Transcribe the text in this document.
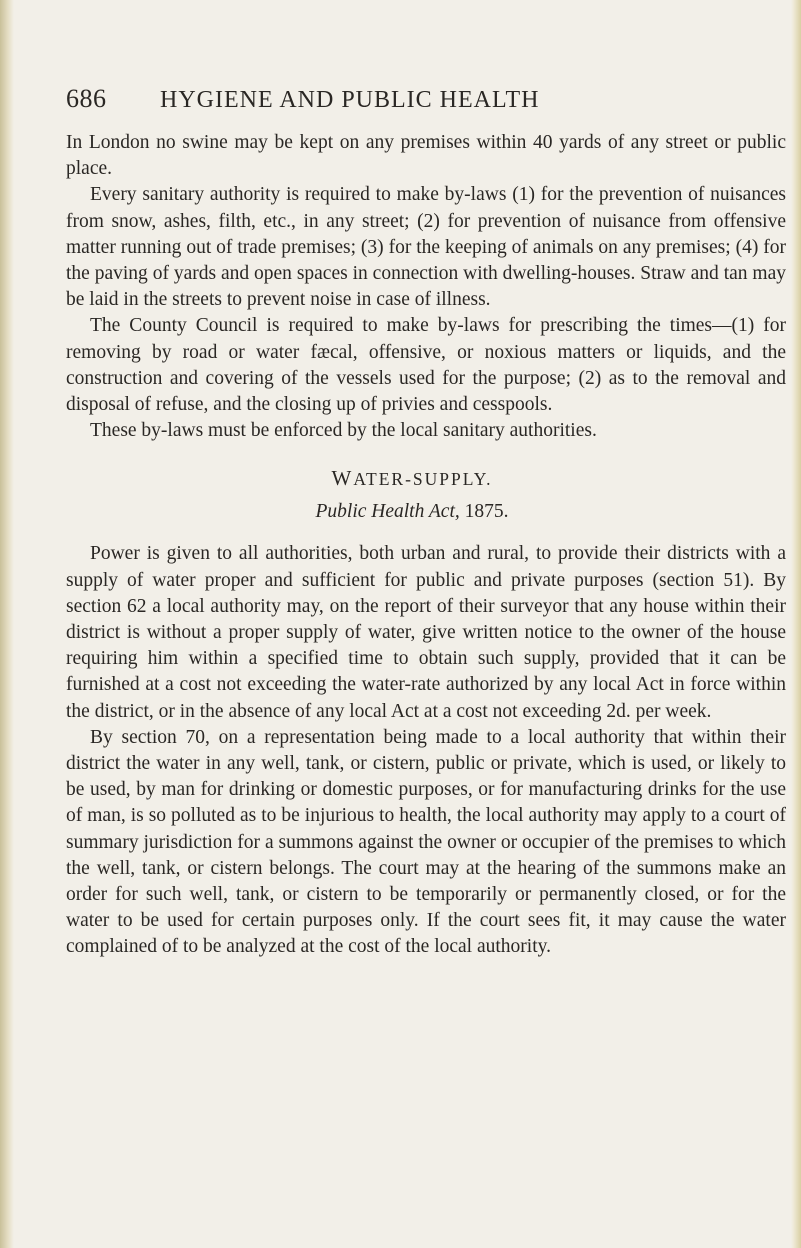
686	HYGIENE AND PUBLIC HEALTH

In London no swine may be kept on any premises within 40 yards of any street or public place.

Every sanitary authority is required to make by-laws (1) for the prevention of nuisances from snow, ashes, filth, etc., in any street; (2) for prevention of nuisance from offensive matter running out of trade premises; (3) for the keeping of animals on any premises; (4) for the paving of yards and open spaces in connection with dwelling-houses. Straw and tan may be laid in the streets to prevent noise in case of illness.

The County Council is required to make by-laws for prescribing the times—(1) for removing by road or water fæcal, offensive, or noxious matters or liquids, and the construction and covering of the vessels used for the purpose; (2) as to the removal and disposal of refuse, and the closing up of privies and cesspools.

These by-laws must be enforced by the local sanitary authorities.

WATER-SUPPLY.
Public Health Act, 1875.

Power is given to all authorities, both urban and rural, to provide their districts with a supply of water proper and sufficient for public and private purposes (section 51). By section 62 a local authority may, on the report of their surveyor that any house within their district is without a proper supply of water, give written notice to the owner of the house requiring him within a specified time to obtain such supply, provided that it can be furnished at a cost not exceeding the water-rate authorized by any local Act in force within the district, or in the absence of any local Act at a cost not exceeding 2d. per week.

By section 70, on a representation being made to a local authority that within their district the water in any well, tank, or cistern, public or private, which is used, or likely to be used, by man for drinking or domestic purposes, or for manufacturing drinks for the use of man, is so polluted as to be injurious to health, the local authority may apply to a court of summary jurisdiction for a summons against the owner or occupier of the premises to which the well, tank, or cistern belongs. The court may at the hearing of the summons make an order for such well, tank, or cistern to be temporarily or permanently closed, or for the water to be used for certain purposes only. If the court sees fit, it may cause the water complained of to be analyzed at the cost of the local authority.
